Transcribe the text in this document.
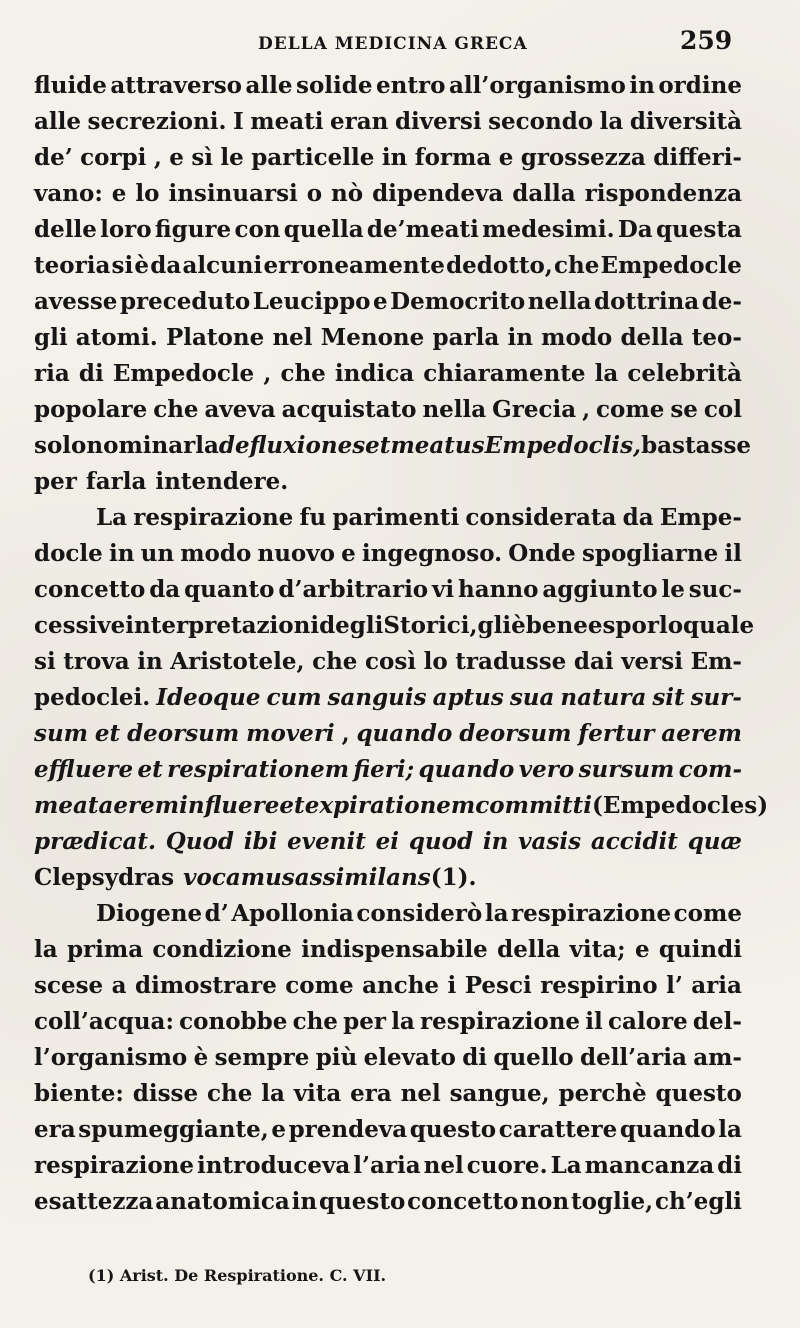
DELLA MEDICINA GRECA	259
fluide attraverso alle solide entro all’organismo in ordine
alle secrezioni. I meati eran diversi secondo la diversità
de’ corpi , e sì le particelle in forma e grossezza differi-
vano: e lo insinuarsi o nò dipendeva dalla rispondenza
delle loro figure con quella de’meati medesimi. Da questa
teoria si è da alcuni erroneamente dedotto, che Empedocle
avesse preceduto Leucippo e Democrito nella dottrina de-
gli atomi. Platone nel Menone parla in modo della teo-
ria di Empedocle , che indica chiaramente la celebrità
popolare che aveva acquistato nella Grecia , come se col
solo nominarla defluxiones et meatus Empedoclis, bastasse
per farla intendere.
La respirazione fu parimenti considerata da Empe-
docle in un modo nuovo e ingegnoso. Onde spogliarne il
concetto da quanto d’arbitrario vi hanno aggiunto le suc-
cessive interpretazioni degli Storici, gli è bene esporlo quale
si trova in Aristotele, che così lo tradusse dai versi Em-
pedoclei. Ideoque cum sanguis aptus sua natura sit sur-
sum et deorsum moveri , quando deorsum fertur aerem
effluere et respirationem fieri; quando vero sursum com-
meat aerem influere et expirationem committi (Empedocles)
prædicat. Quod ibi evenit ei quod in vasis accidit quæ
Clepsydras vocamus assimilans (1).
Diogene d’ Apollonia considerò la respirazione come
la prima condizione indispensabile della vita; e quindi
scese a dimostrare come anche i Pesci respirino l’ aria
coll’acqua: conobbe che per la respirazione il calore del-
l’organismo è sempre più elevato di quello dell’aria am-
biente: disse che la vita era nel sangue, perchè questo
era spumeggiante, e prendeva questo carattere quando la
respirazione introduceva l’aria nel cuore. La mancanza di
esattezza anatomica in questo concetto non toglie, ch’egli
(1) Arist. De Respiratione. C. VII.
